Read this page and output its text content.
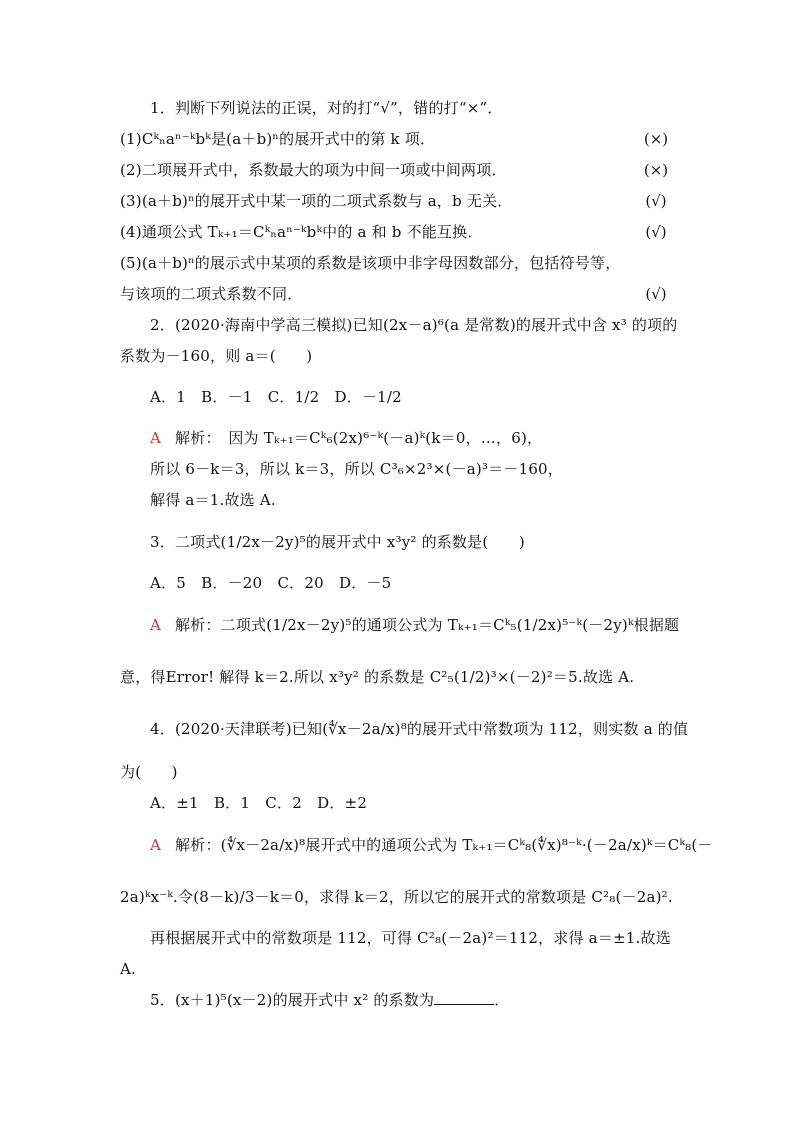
1．判断下列说法的正误，对的打“√”，错的打“×”．
(1)Cᵏₙaⁿ⁻ᵏbᵏ是(a＋b)ⁿ的展开式中的第 k 项．	(×)
(2)二项展开式中，系数最大的项为中间一项或中间两项．	(×)
(3)(a＋b)ⁿ的展开式中某一项的二项式系数与 a，b 无关．	(√)
(4)通项公式 Tₖ₊₁＝Cᵏₙaⁿ⁻ᵏbᵏ中的 a 和 b 不能互换．	(√)
(5)(a＋b)ⁿ的展示式中某项的系数是该项中非字母因数部分，包括符号等，
与该项的二项式系数不同．	(√)
2．(2020·海南中学高三模拟)已知(2x－a)⁶(a 是常数)的展开式中含 x³ 的项的
系数为－160，则 a＝(　　)
A．1　B．－1　C．1/2　D．－1/2
A 解析：　因为 Tₖ₊₁＝Cᵏ₆(2x)⁶⁻ᵏ(－a)ᵏ(k＝0，…，6)，
所以 6－k＝3，所以 k＝3，所以 C³₆×2³×(－a)³＝－160，
解得 a＝1.故选 A.
3．二项式(1/2x－2y)⁵的展开式中 x³y² 的系数是(　　)
A．5　B．－20　C．20　D．－5
A 解析：二项式(1/2x－2y)⁵的通项公式为 Tₖ₊₁＝Cᵏ₅(1/2x)⁵⁻ᵏ(－2y)ᵏ根据题
意，得Error! 解得 k＝2.所以 x³y² 的系数是 C²₅(1/2)³×(－2)²＝5.故选 A.
4．(2020·天津联考)已知(∜x－2a/x)⁸的展开式中常数项为 112，则实数 a 的值
为(　　)
A．±1　B．1　C．2　D．±2
A 解析：(∜x－2a/x)⁸展开式中的通项公式为 Tₖ₊₁＝Cᵏ₈(∜x)⁸⁻ᵏ·(－2a/x)ᵏ＝Cᵏ₈(－
2a)ᵏx⁻ᵏ.令(8－k)/3－k＝0，求得 k＝2，所以它的展开式的常数项是 C²₈(－2a)².
再根据展开式中的常数项是 112，可得 C²₈(－2a)²＝112，求得 a＝±1.故选
A.
5．(x＋1)⁵(x－2)的展开式中 x² 的系数为	．
